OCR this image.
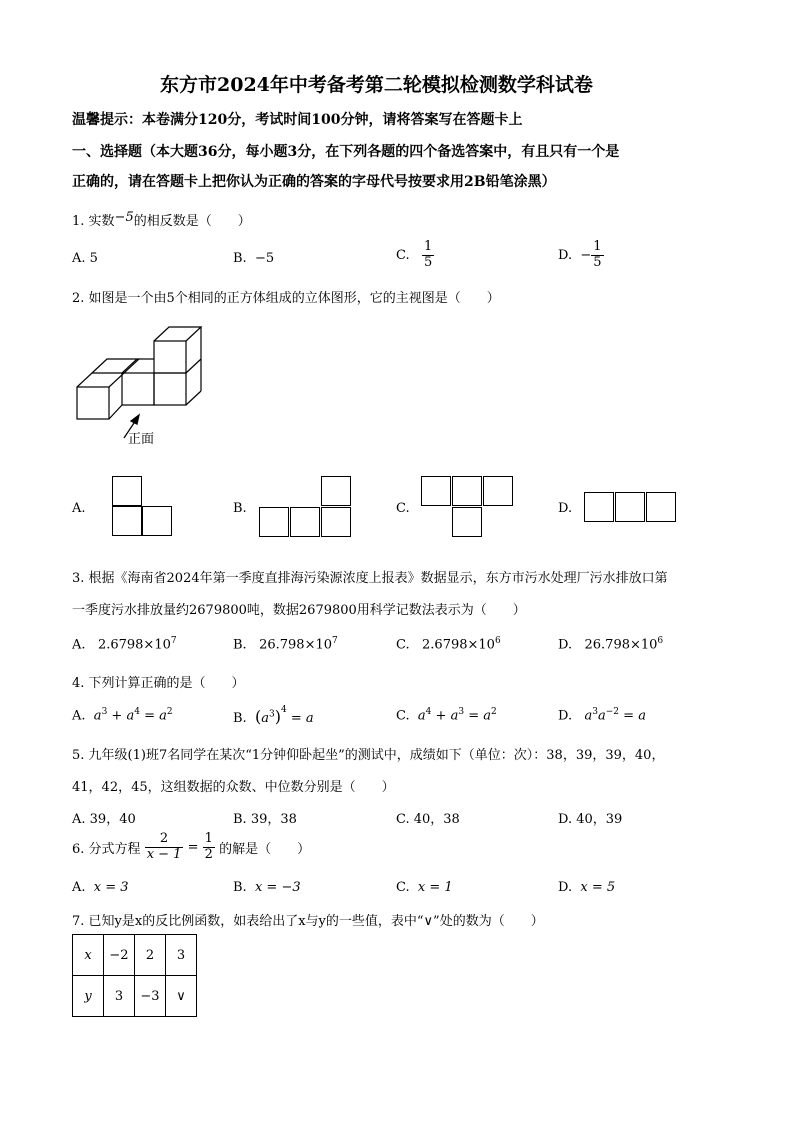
东方市2024年中考备考第二轮模拟检测数学科试卷
温馨提示：本卷满分120分，考试时间100分钟，请将答案写在答题卡上
一、选择题（本大题36分，每小题3分，在下列各题的四个备选答案中，有且只有一个是
正确的，请在答题卡上把你认为正确的答案的字母代号按要求用2B铅笔涂黑）
1. 实数−5的相反数是（　　）
A. 5	B. −5	C. $\frac{1}{5}$	D. − $\frac{1}{5}$
2. 如图是一个由5个相同的正方体组成的立体图形，它的主视图是（　　）
正面
A.	B.	C.	D.
3. 根据《海南省2024年第一季度直排海污染源浓度上报表》数据显示，东方市污水处理厂污水排放口第
一季度污水排放量约2679800吨，数据2679800用科学记数法表示为（　　）
A. $2.6798\times 10^7$	B. $26.798\times 10^7$	C. $2.6798\times 10^6$	D. $26.798\times 10^6$
4. 下列计算正确的是（　　）
A. $a^3 + a^4 = a^2$	B. $(a^3)^4 = a$	C. $a^4 + a^3 = a^2$	D. $a^3a^{-2} = a$
5. 九年级(1)班7名同学在某次“1分钟仰卧起坐”的测试中，成绩如下（单位：次）：38，39，39，40，
41，42，45，这组数据的众数、中位数分别是（　　）
A. 39，40	B. 39，38	C. 40，38	D. 40，39
6. 分式方程 $\frac{2}{x - 1} = \frac{1}{2}$ 的解是（　　）
A. x = 3	B. x = −3	C. x = 1	D. x = 5
7. 已知y是x的反比例函数，如表给出了x与y的一些值，表中“∨”处的数为（　　）
x	−2	2	3
y	3	−3	∨
